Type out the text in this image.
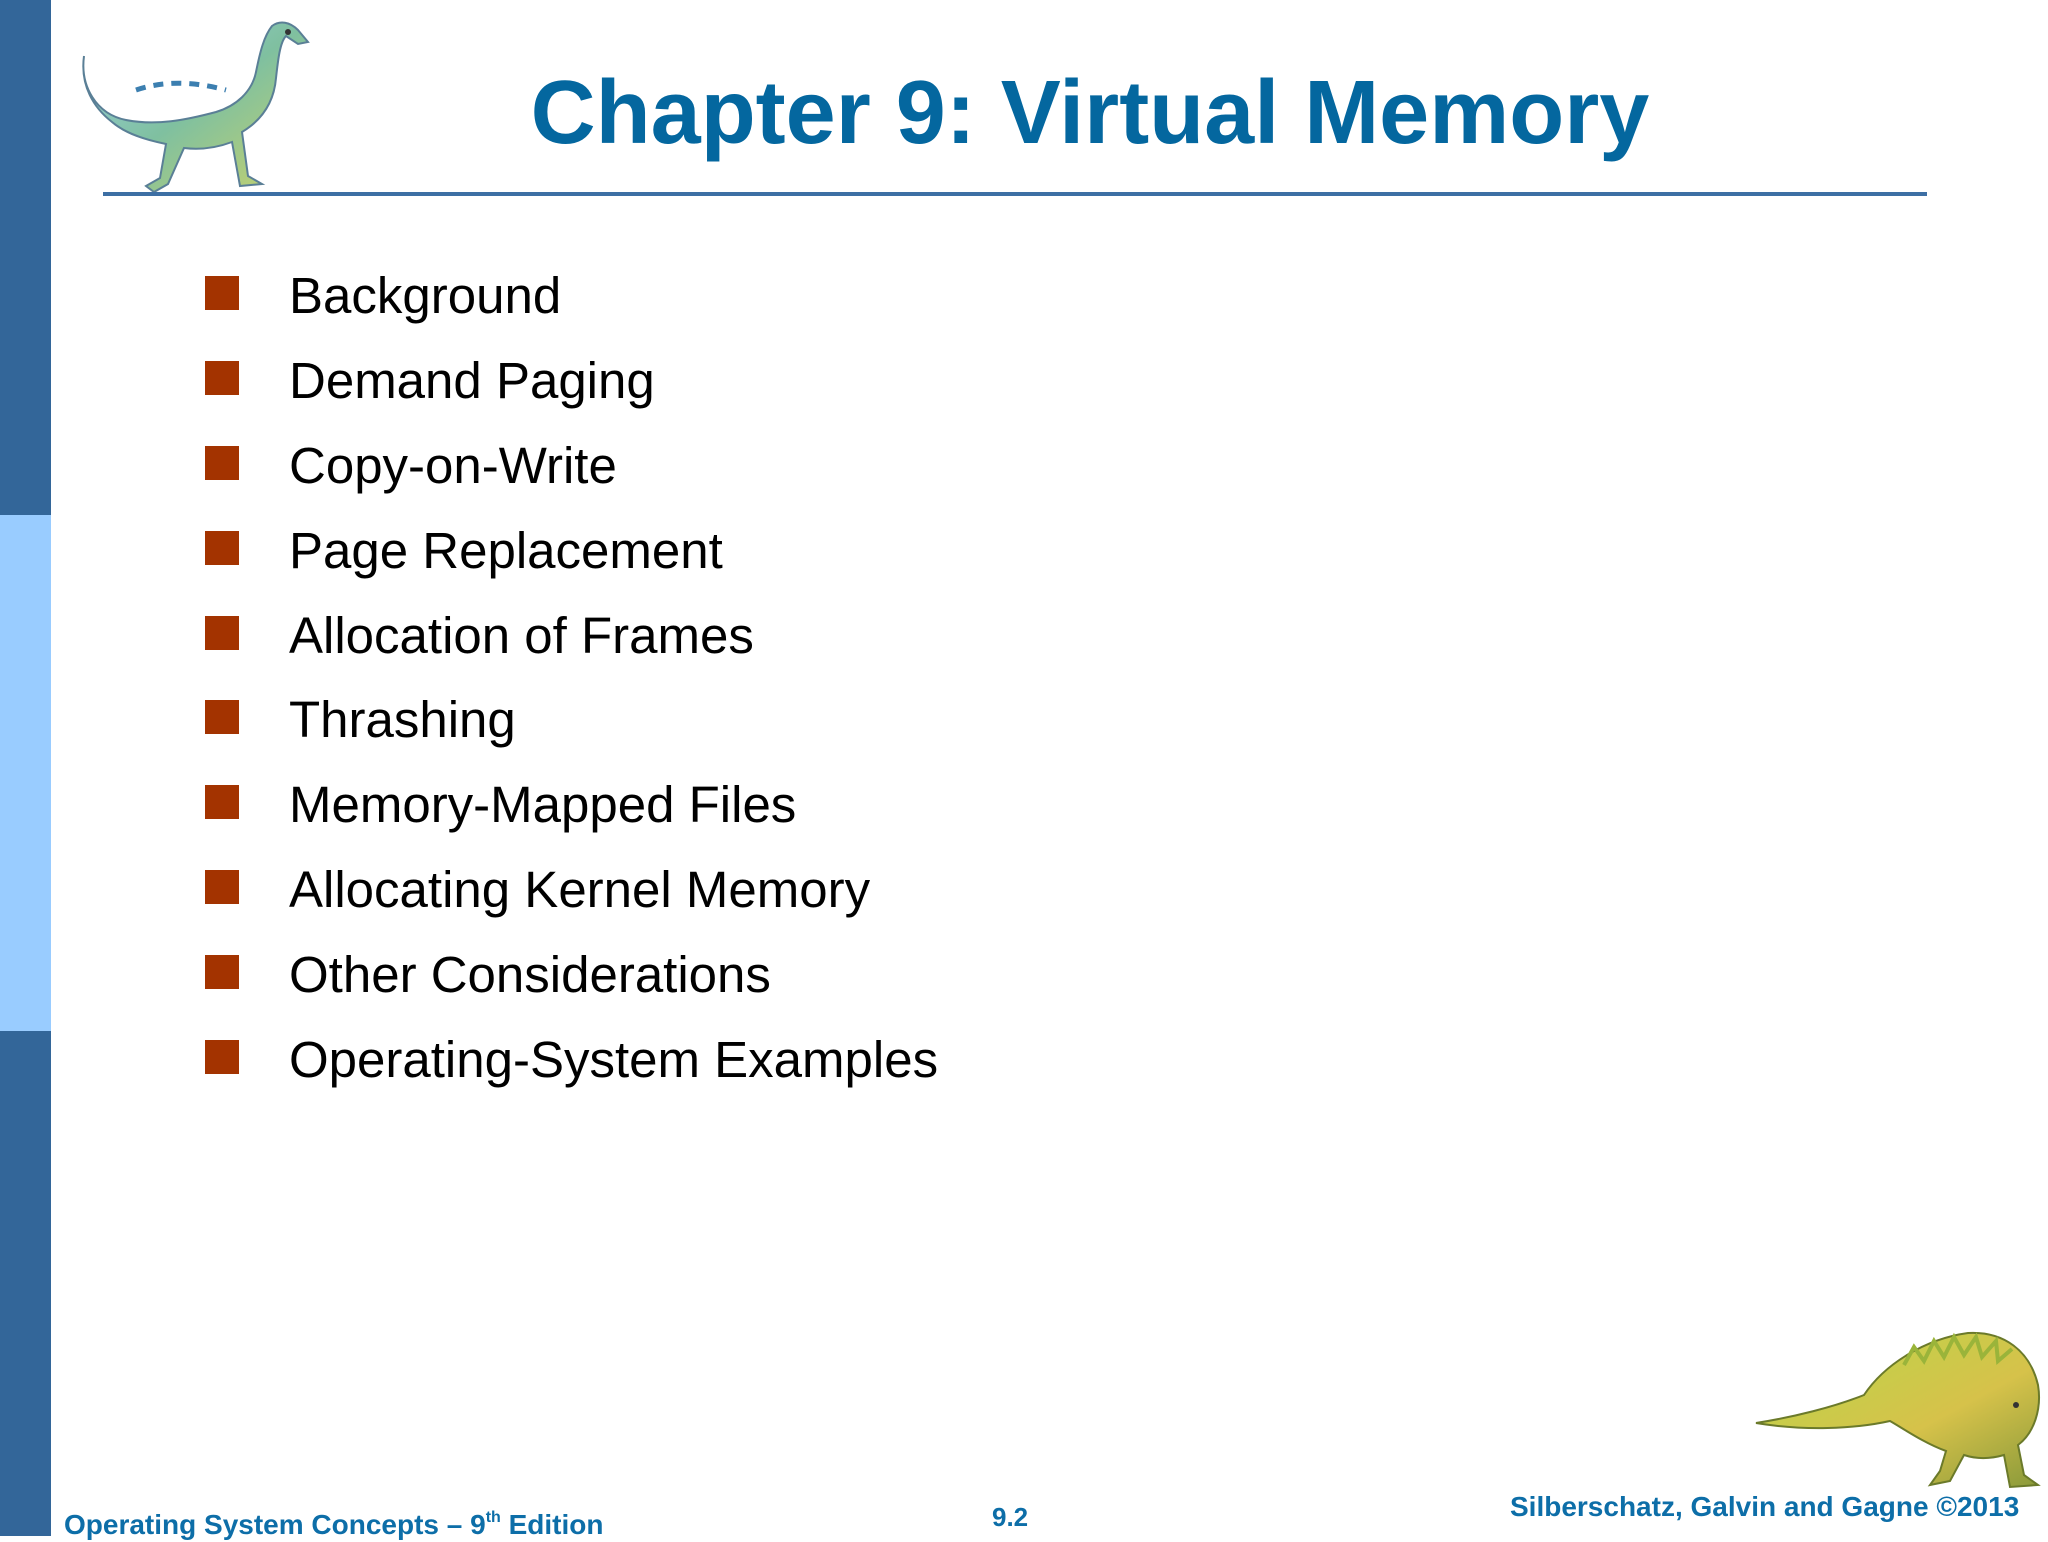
Chapter 9: Virtual Memory
Background
Demand Paging
Copy-on-Write
Page Replacement
Allocation of Frames
Thrashing
Memory-Mapped Files
Allocating Kernel Memory
Other Considerations
Operating-System Examples
Operating System Concepts – 9th Edition	9.2	Silberschatz, Galvin and Gagne ©2013
